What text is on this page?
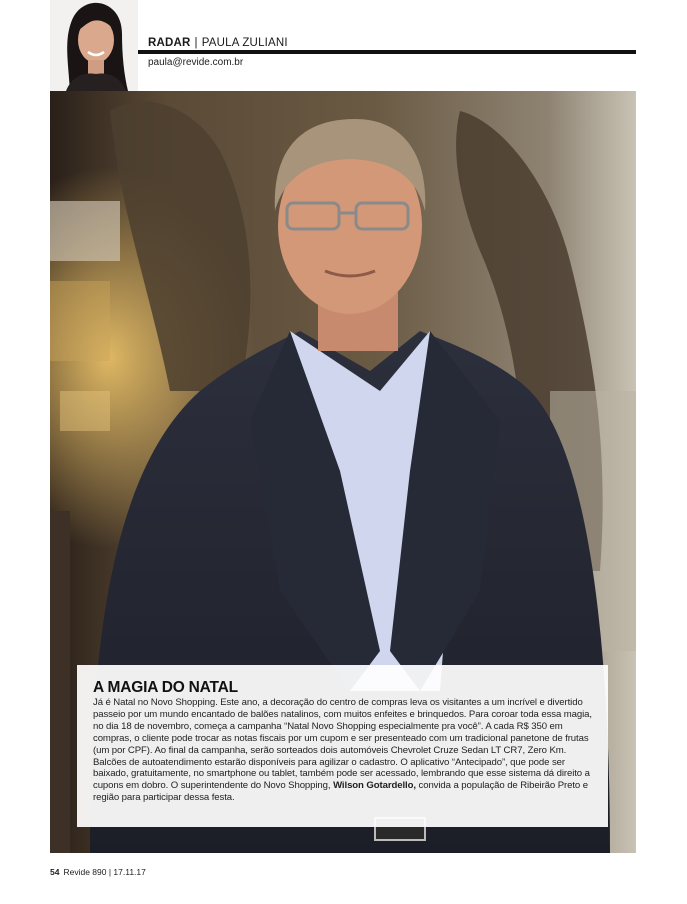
RADAR | PAULA ZULIANI
paula@revide.com.br
A MAGIA DO NATAL
Já é Natal no Novo Shopping. Este ano, a decoração do centro de compras leva os visitantes a um incrível e divertido passeio por um mundo encantado de balões natalinos, com muitos enfeites e brinquedos. Para coroar toda essa magia, no dia 18 de novembro, começa a campanha “Natal Novo Shopping especialmente pra você”. A cada R$ 350 em compras, o cliente pode trocar as notas fiscais por um cupom e ser presenteado com um tradicional panetone de frutas (um por CPF). Ao final da campanha, serão sorteados dois automóveis Chevrolet Cruze Sedan LT CR7, Zero Km. Balcões de autoatendimento estarão disponíveis para agilizar o cadastro. O aplicativo “Antecipado”, que pode ser baixado, gratuitamente, no smartphone ou tablet, também pode ser acessado, lembrando que esse sistema dá direito a cupons em dobro. O superintendente do Novo Shopping, Wilson Gotardello, convida a população de Ribeirão Preto e região para participar dessa festa.
54 Revide 890 | 17.11.17
